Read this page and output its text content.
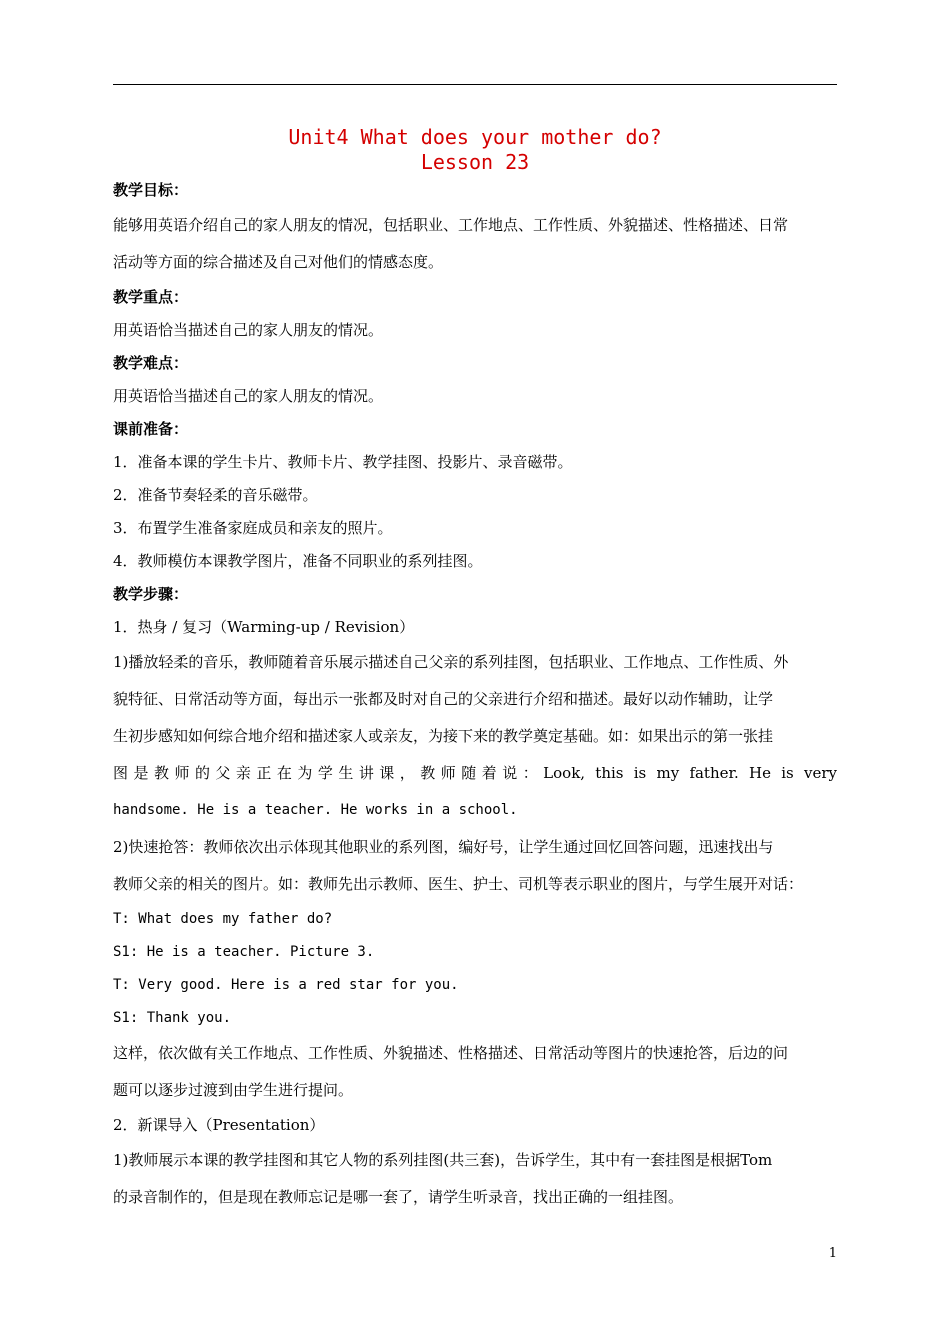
Unit4 What does your mother do?
Lesson 23

教学目标：

能够用英语介绍自己的家人朋友的情况，包括职业、工作地点、工作性质、外貌描述、性格描述、日常

活动等方面的综合描述及自己对他们的情感态度。

教学重点：

用英语恰当描述自己的家人朋友的情况。

教学难点：

用英语恰当描述自己的家人朋友的情况。

课前准备：

1．准备本课的学生卡片、教师卡片、教学挂图、投影片、录音磁带。

2．准备节奏轻柔的音乐磁带。

3．布置学生准备家庭成员和亲友的照片。

4．教师模仿本课教学图片，准备不同职业的系列挂图。

教学步骤：

1．热身 / 复习（Warming-up / Revision）

1)播放轻柔的音乐，教师随着音乐展示描述自己父亲的系列挂图，包括职业、工作地点、工作性质、外

貌特征、日常活动等方面，每出示一张都及时对自己的父亲进行介绍和描述。最好以动作辅助，让学

生初步感知如何综合地介绍和描述家人或亲友，为接下来的教学奠定基础。如：如果出示的第一张挂

图是教师的父亲正在为学生讲课，教师随着说：Look, this is my father. He is very

handsome. He is a teacher. He works in a school.

2)快速抢答：教师依次出示体现其他职业的系列图，编好号，让学生通过回忆回答问题，迅速找出与

教师父亲的相关的图片。如：教师先出示教师、医生、护士、司机等表示职业的图片，与学生展开对话：

T: What does my father do?

S1: He is a teacher. Picture 3.

T: Very good. Here is a red star for you.

S1: Thank you.

这样，依次做有关工作地点、工作性质、外貌描述、性格描述、日常活动等图片的快速抢答，后边的问

题可以逐步过渡到由学生进行提问。

2．新课导入（Presentation）

1)教师展示本课的教学挂图和其它人物的系列挂图(共三套)，告诉学生，其中有一套挂图是根据Tom

的录音制作的，但是现在教师忘记是哪一套了，请学生听录音，找出正确的一组挂图。

1
